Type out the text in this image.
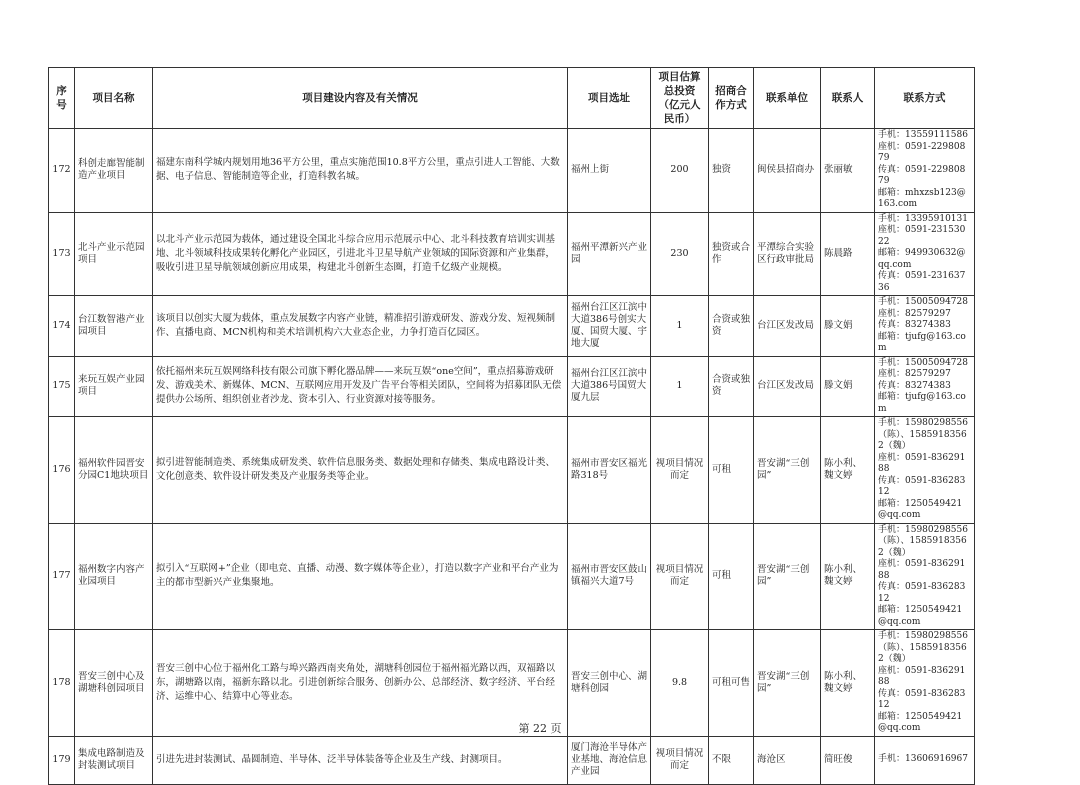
序号	项目名称	项目建设内容及有关情况	项目选址	项目估算总投资（亿元人民币）	招商合作方式	联系单位	联系人	联系方式
172	科创走廊智能制造产业项目	福建东南科学城内规划用地36平方公里，重点实施范围10.8平方公里，重点引进人工智能、大数据、电子信息、智能制造等企业，打造科教名城。	福州上街	200	独资	闽侯县招商办	张丽敏	手机：13559111586
座机：0591-22980879
传真：0591-22980879
邮箱：mhxzsb123@163.com
173	北斗产业示范园项目	以北斗产业示范园为载体，通过建设全国北斗综合应用示范展示中心、北斗科技教育培训实训基地、北斗领域科技成果转化孵化产业园区，引进北斗卫星导航产业领域的国际资源和产业集群，吸收引进卫星导航领域创新应用成果，构建北斗创新生态圈，打造千亿级产业规模。	福州平潭新兴产业园	230	独资或合作	平潭综合实验区行政审批局	陈晨路	手机：13395910131
座机：0591-23153022
邮箱：949930632@qq.com
传真：0591-23163736
174	台江数智港产业园项目	该项目以创实大厦为载体，重点发展数字内容产业链，精准招引游戏研发、游戏分发、短视频制作、直播电商、MCN机构和美术培训机构六大业态企业，力争打造百亿园区。	福州台江区江滨中大道386号创实大厦、国贸大厦、宇地大厦	1	合资或独资	台江区发改局	滕文娟	手机：15005094728
座机：82579297
传真：83274383
邮箱：tjufg@163.com
175	来玩互娱产业园项目	依托福州来玩互娱网络科技有限公司旗下孵化器品牌——来玩互娱“one空间”，重点招募游戏研发、游戏美术、新媒体、MCN、互联网应用开发及广告平台等相关团队，空间将为招募团队无偿提供办公场所、组织创业者沙龙、资本引入、行业资源对接等服务。	福州台江区江滨中大道386号国贸大厦九层	1	合资或独资	台江区发改局	滕文娟	手机：15005094728
座机：82579297
传真：83274383
邮箱：tjufg@163.com
176	福州软件园晋安分园C1地块项目	拟引进智能制造类、系统集成研发类、软件信息服务类、数据处理和存储类、集成电路设计类、文化创意类、软件设计研发类及产业服务类等企业。	福州市晋安区福光路318号	视项目情况而定	可租	晋安湖“三创园”	陈小利、魏文婷	手机：15980298556（陈）、15859183562（魏）
座机：0591-83629188
传真：0591-83628312
邮箱：1250549421@qq.com
177	福州数字内容产业园项目	拟引入“互联网+”企业（即电竞、直播、动漫、数字媒体等企业），打造以数字产业和平台产业为主的都市型新兴产业集聚地。	福州市晋安区鼓山镇福兴大道7号	视项目情况而定	可租	晋安湖“三创园”	陈小利、魏文婷	手机：15980298556（陈）、15859183562（魏）
座机：0591-83629188
传真：0591-83628312
邮箱：1250549421@qq.com
178	晋安三创中心及湖塘科创园项目	晋安三创中心位于福州化工路与埠兴路西南夹角处，湖塘科创园位于福州福光路以西，双福路以东，湖塘路以南，福新东路以北。引进创新综合服务、创新办公、总部经济、数字经济、平台经济、运维中心、结算中心等业态。	晋安三创中心、湖塘科创园	9.8	可租可售	晋安湖“三创园”	陈小利、魏文婷	手机：15980298556（陈）、15859183562（魏）
座机：0591-83629188
传真：0591-83628312
邮箱：1250549421@qq.com
179	集成电路制造及封装测试项目	引进先进封装测试、晶圆制造、半导体、泛半导体装备等企业及生产线、封测项目。	厦门海沧半导体产业基地、海沧信息产业园	视项目情况而定	不限	海沧区	简旺俊	手机：13606916967
第 22 页
